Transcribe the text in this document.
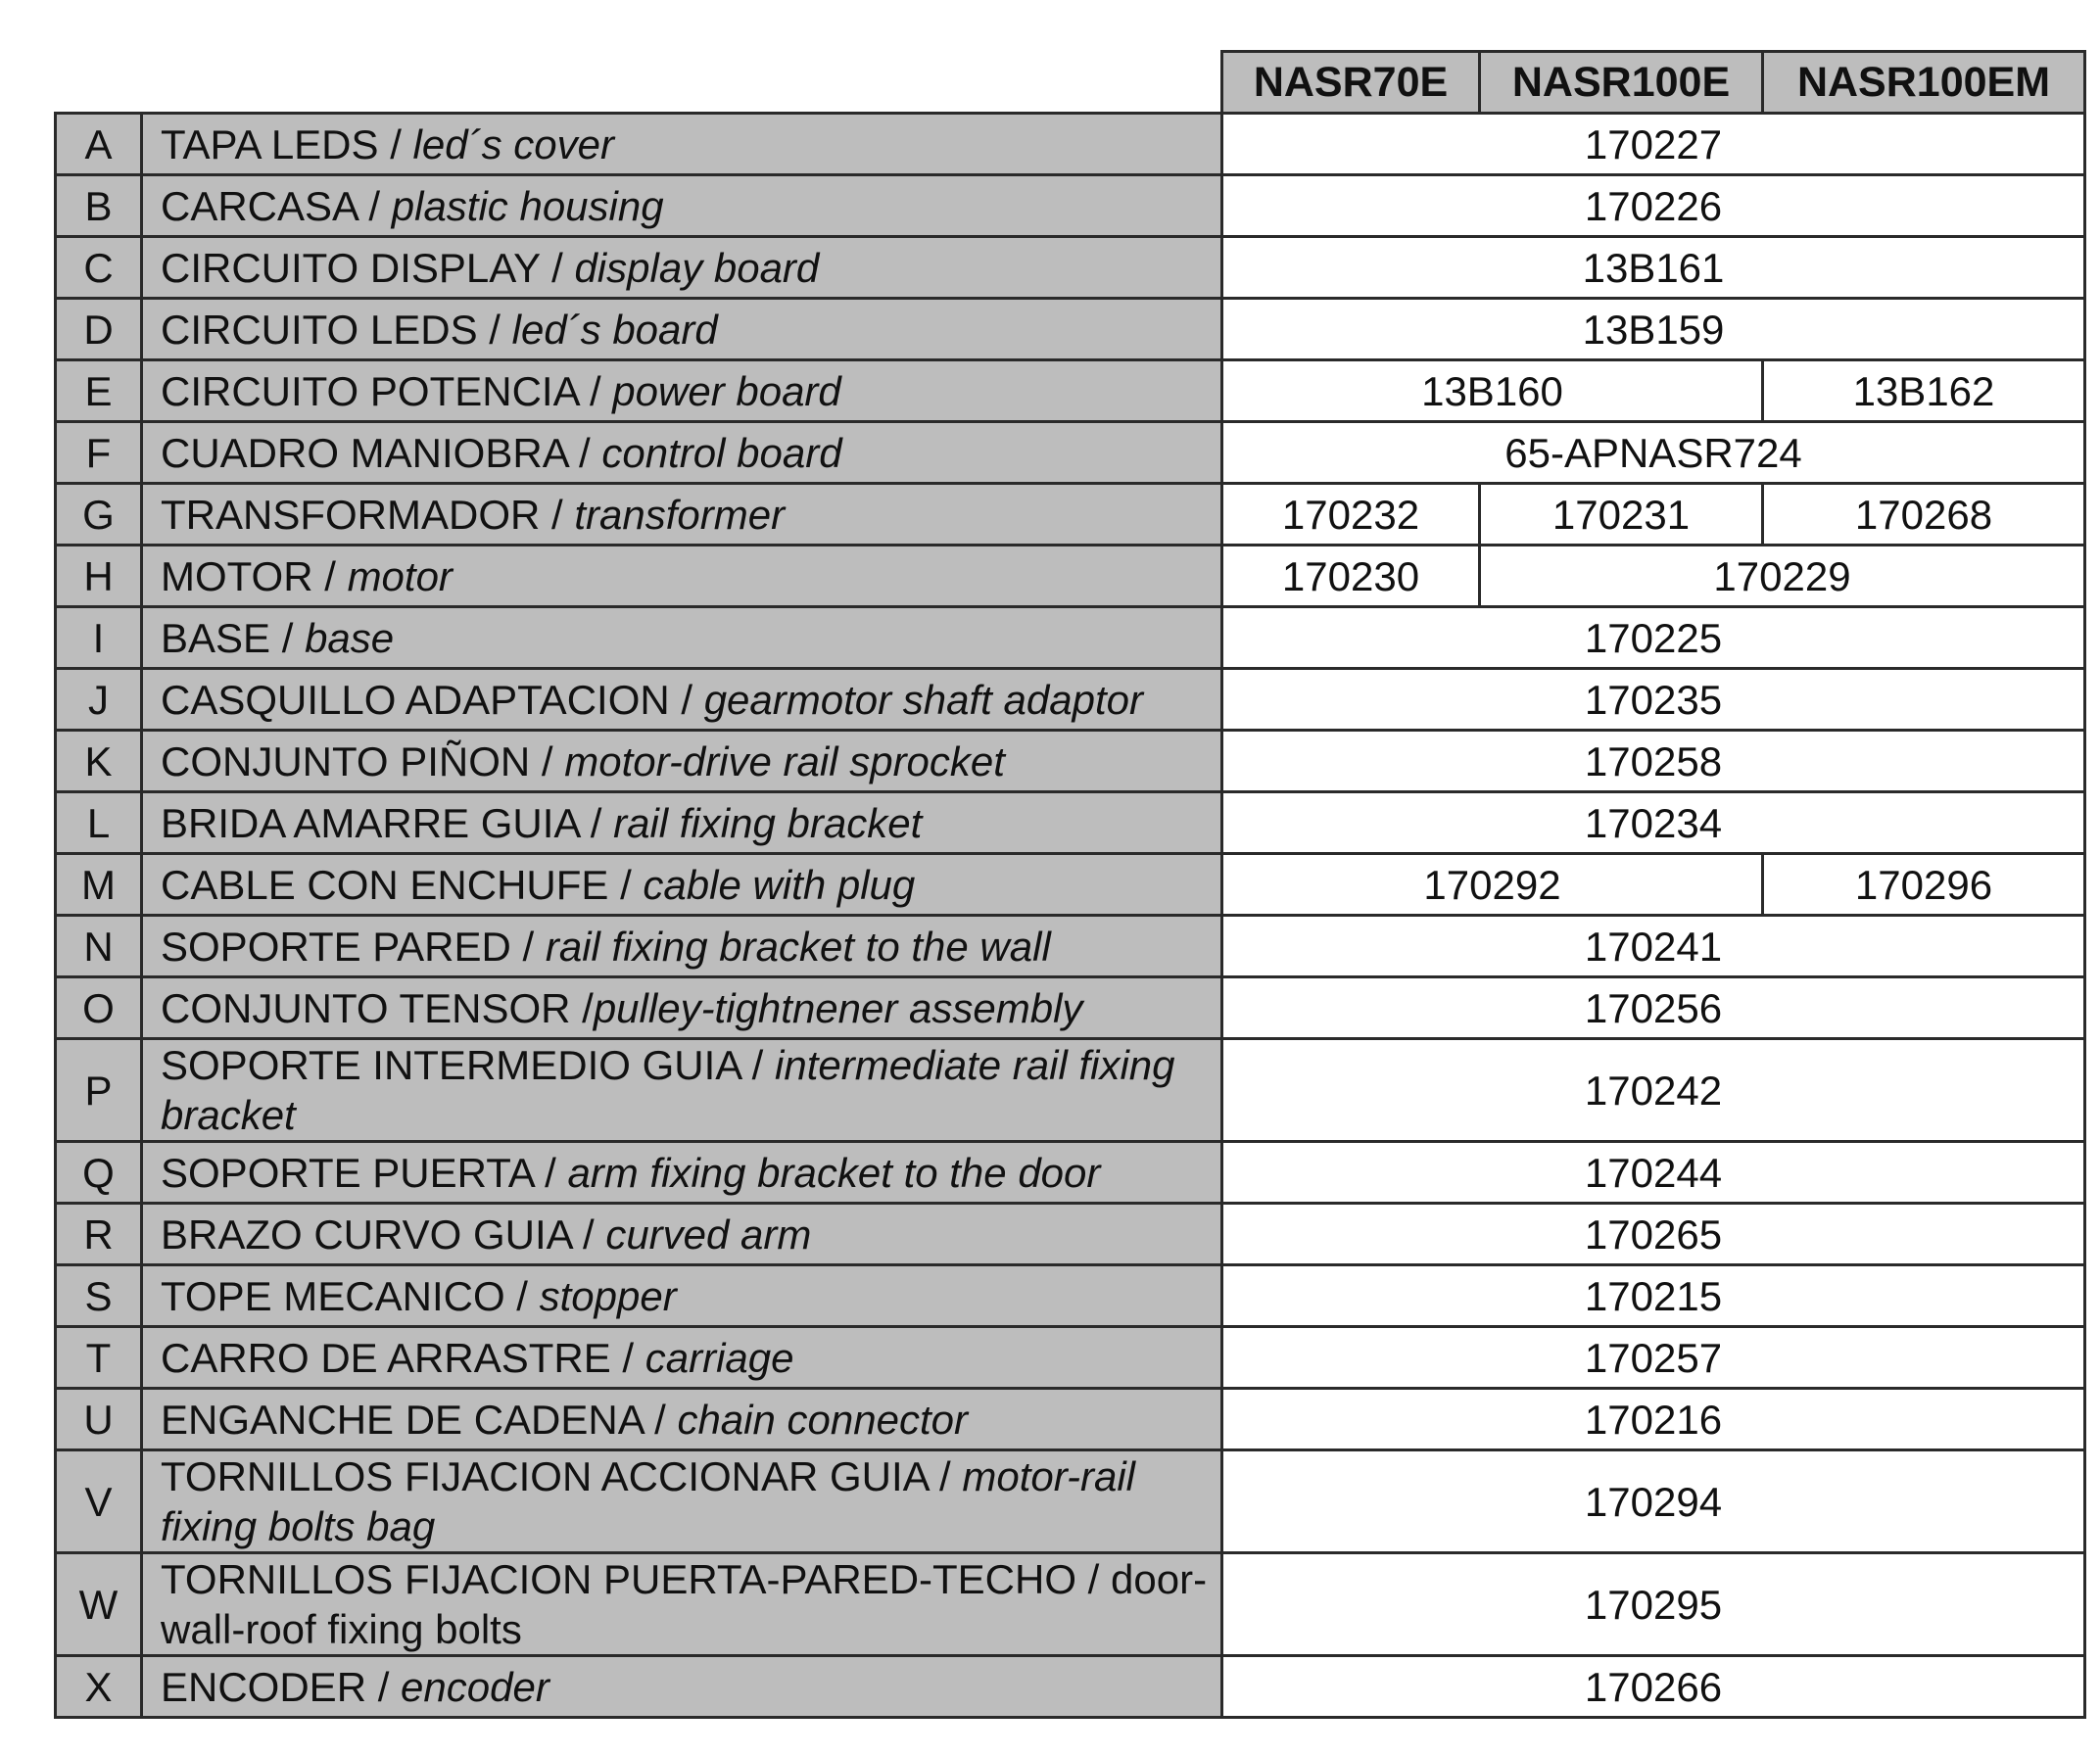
		NASR70E	NASR100E	NASR100EM
A	TAPA LEDS / led´s cover	170227		
B	CARCASA / plastic housing	170226		
C	CIRCUITO DISPLAY / display board	13B161		
D	CIRCUITO LEDS / led´s board	13B159		
E	CIRCUITO POTENCIA / power board	13B160		13B162
F	CUADRO MANIOBRA / control board	65-APNASR724		
G	TRANSFORMADOR / transformer	170232	170231	170268
H	MOTOR / motor	170230	170229	
I	BASE / base	170225		
J	CASQUILLO ADAPTACION / gearmotor shaft adaptor	170235		
K	CONJUNTO PIÑON / motor-drive rail sprocket	170258		
L	BRIDA AMARRE GUIA / rail fixing bracket	170234		
M	CABLE CON ENCHUFE / cable with plug	170292		170296
N	SOPORTE PARED / rail fixing bracket to the wall	170241		
O	CONJUNTO TENSOR /pulley-tightnener assembly	170256		
P	SOPORTE INTERMEDIO GUIA / intermediate rail fixing bracket	170242		
Q	SOPORTE PUERTA / arm fixing bracket to the door	170244		
R	BRAZO CURVO GUIA / curved arm	170265		
S	TOPE MECANICO / stopper	170215		
T	CARRO DE ARRASTRE / carriage	170257		
U	ENGANCHE DE CADENA / chain connector	170216		
V	TORNILLOS FIJACION ACCIONAR GUIA / motor-rail fixing bolts bag	170294		
W	TORNILLOS FIJACION PUERTA-PARED-TECHO / door-wall-roof fixing bolts	170295		
X	ENCODER / encoder	170266		
